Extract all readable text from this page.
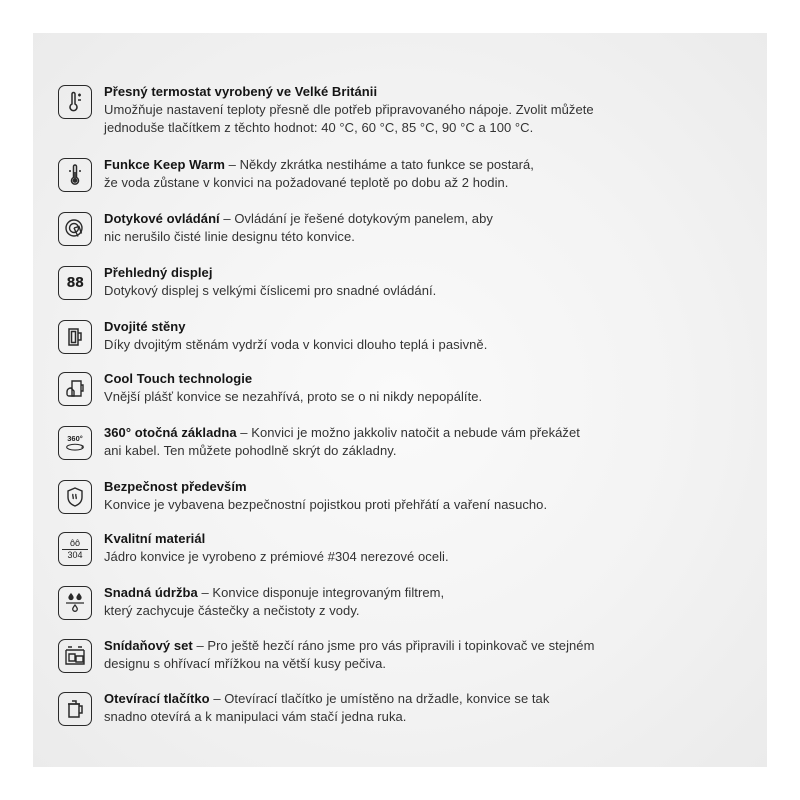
Přesný termostat vyrobený ve Velké Británii
Umožňuje nastavení teploty přesně dle potřeb připravovaného nápoje. Zvolit můžete
jednoduše tlačítkem z těchto hodnot: 40 °C, 60 °C, 85 °C, 90 °C a 100 °C.
Funkce Keep Warm – Někdy zkrátka nestiháme a tato funkce se postará,
že voda zůstane v konvici na požadované teplotě po dobu až 2 hodin.
Dotykové ovládání – Ovládání je řešené dotykovým panelem, aby
nic nerušilo čisté linie designu této konvice.
88
Přehledný displej
Dotykový displej s velkými číslicemi pro snadné ovládání.
Dvojité stěny
Díky dvojitým stěnám vydrží voda v konvici dlouho teplá i pasivně.
Cool Touch technologie
Vnější plášť konvice se nezahřívá, proto se o ni nikdy nepopálíte.
360° 360° otočná základna – Konvici je možno jakkoliv natočit a nebude vám překážet
ani kabel. Ten můžete pohodlně skrýt do základny.
Bezpečnost především
Konvice je vybavena bezpečnostní pojistkou proti přehřátí a vaření nasucho.
ôô
304
Kvalitní materiál
Jádro konvice je vyrobeno z prémiové #304 nerezové oceli.
Snadná údržba – Konvice disponuje integrovaným filtrem,
který zachycuje částečky a nečistoty z vody.
Snídaňový set – Pro ještě hezčí ráno jsme pro vás připravili i topinkovač ve stejném
designu s ohřívací mřížkou na větší kusy pečiva.
Otevírací tlačítko – Otevírací tlačítko je umístěno na držadle, konvice se tak
snadno otevírá a k manipulaci vám stačí jedna ruka.
